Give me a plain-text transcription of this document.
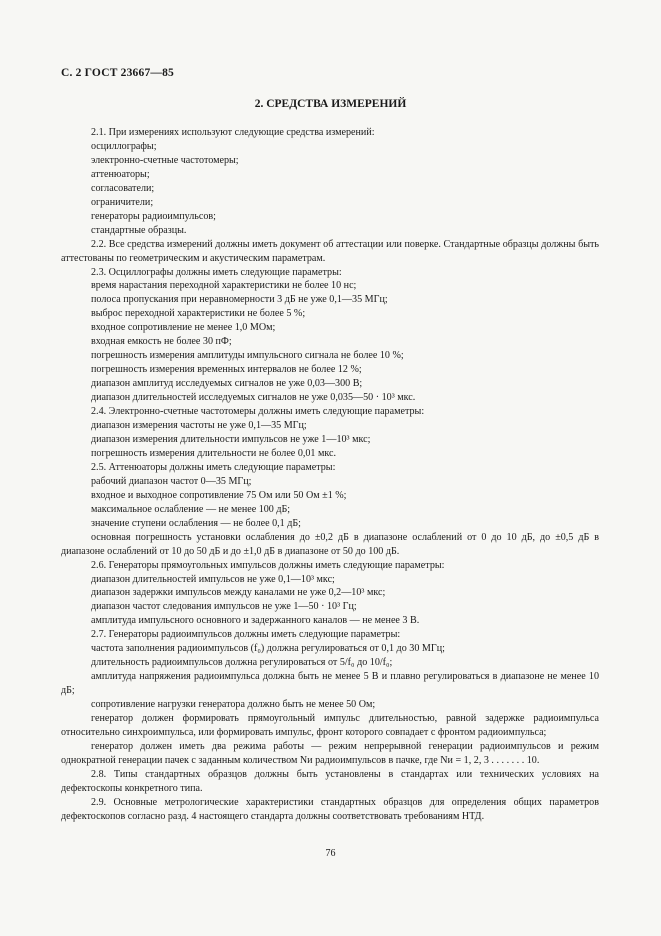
С. 2 ГОСТ 23667—85
2. СРЕДСТВА ИЗМЕРЕНИЙ

2.1. При измерениях используют следующие средства измерений:

осциллографы;

электронно-счетные частотомеры;

аттенюаторы;

согласователи;

ограничители;

генераторы радиоимпульсов;

стандартные образцы.

2.2. Все средства измерений должны иметь документ об аттестации или поверке. Стандартные образцы должны быть аттестованы по геометрическим и акустическим параметрам.

2.3. Осциллографы должны иметь следующие параметры:

время нарастания переходной характеристики не более 10 нс;

полоса пропускания при неравномерности 3 дБ не уже 0,1—35 МГц;

выброс переходной характеристики не более 5 %;

входное сопротивление не менее 1,0 МОм;

входная емкость не более 30 пФ;

погрешность измерения амплитуды импульсного сигнала не более 10 %;

погрешность измерения временных интервалов не более 12 %;

диапазон амплитуд исследуемых сигналов не уже 0,03—300 В;

диапазон длительностей исследуемых сигналов не уже 0,035—50 · 10³ мкс.

2.4. Электронно-счетные частотомеры должны иметь следующие параметры:

диапазон измерения частоты не уже 0,1—35 МГц;

диапазон измерения длительности импульсов не уже 1—10³ мкс;

погрешность измерения длительности не более 0,01 мкс.

2.5. Аттенюаторы должны иметь следующие параметры:

рабочий диапазон частот 0—35 МГц;

входное и выходное сопротивление 75 Ом или 50 Ом ±1 %;

максимальное ослабление — не менее 100 дБ;

значение ступени ослабления — не более 0,1 дБ;

основная погрешность установки ослабления до ±0,2 дБ в диапазоне ослаблений от 0 до 10 дБ, до ±0,5 дБ в диапазоне ослаблений от 10 до 50 дБ и до ±1,0 дБ в диапазоне от 50 до 100 дБ.

2.6. Генераторы прямоугольных импульсов должны иметь следующие параметры:

диапазон длительностей импульсов не уже 0,1—10³ мкс;

диапазон задержки импульсов между каналами не уже 0,2—10³ мкс;

диапазон частот следования импульсов не уже 1—50 · 10³ Гц;

амплитуда импульсного основного и задержанного каналов — не менее 3 В.

2.7. Генераторы радиоимпульсов должны иметь следующие параметры:

частота заполнения радиоимпульсов (f₀) должна регулироваться от 0,1 до 30 МГц;

длительность радиоимпульсов должна регулироваться от 5/f₀ до 10/f₀;

амплитуда напряжения радиоимпульса должна быть не менее 5 В и плавно регулироваться в диапазоне не менее 10 дБ;

сопротивление нагрузки генератора должно быть не менее 50 Ом;

генератор должен формировать прямоугольный импульс длительностью, равной задержке радиоимпульса относительно синхроимпульса, или формировать импульс, фронт которого совпадает с фронтом радиоимпульса;

генератор должен иметь два режима работы — режим непрерывной генерации радиоимпульсов и режим однократной генерации пачек с заданным количеством Nи радиоимпульсов в пачке, где Nи = 1, 2, 3 . . . . . . . 10.

2.8. Типы стандартных образцов должны быть установлены в стандартах или технических условиях на дефектоскопы конкретного типа.

2.9. Основные метрологические характеристики стандартных образцов для определения общих параметров дефектоскопов согласно разд. 4 настоящего стандарта должны соответствовать требованиям НТД.

76
